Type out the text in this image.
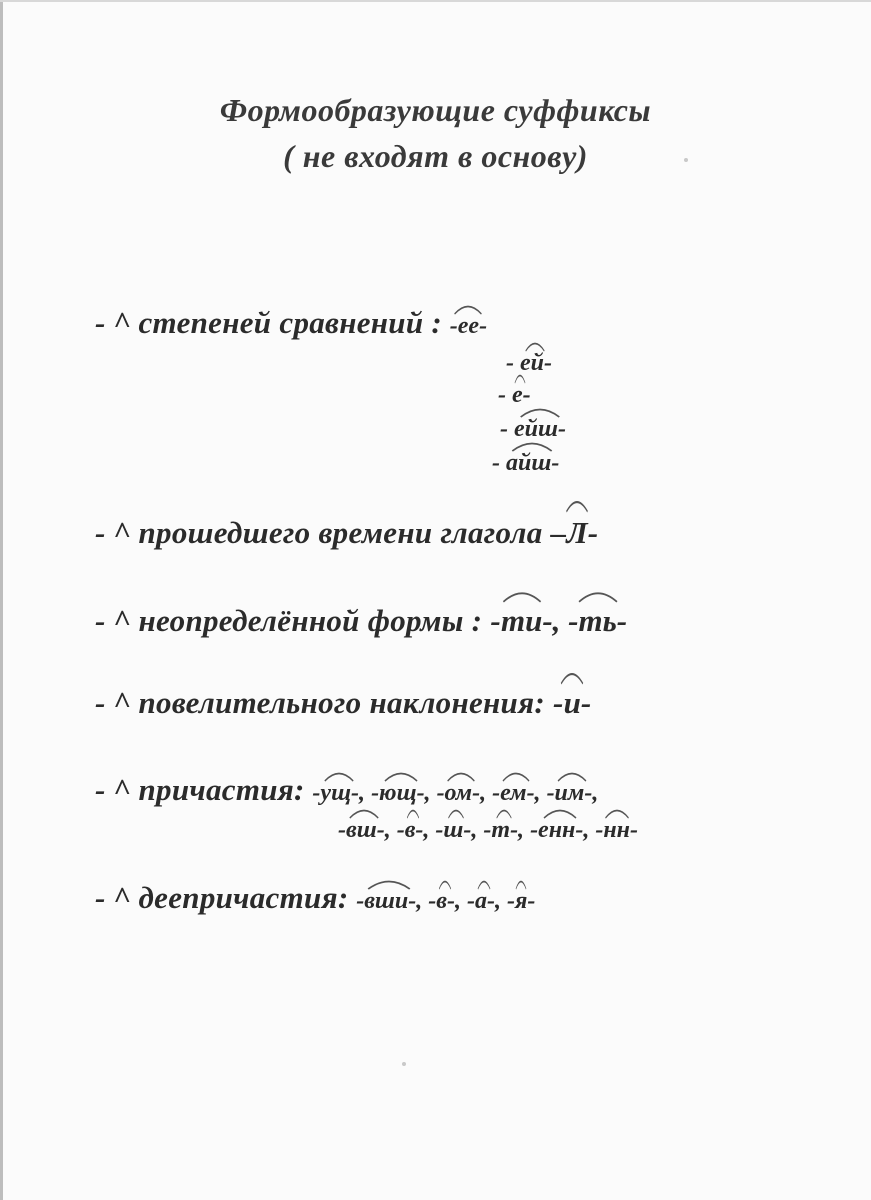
Формообразующие суффиксы
( не входят в основу)
- ^ степеней сравнений : -ее-
- ей-
- е-
- ейш-
- айш-
- ^ прошедшего времени глагола –
Л-
- ^ неопределённой формы : -
ти-, -
ть-
- ^ повелительного наклонения: -
и-
- ^ причастия: -ущ-, -ющ-, -ом-, -ем-, -им-,
-вш-, -в-, -ш-, -т-, -енн-, -нн-
- ^ деепричастия: -вши-, -в-, -а-, -я-
